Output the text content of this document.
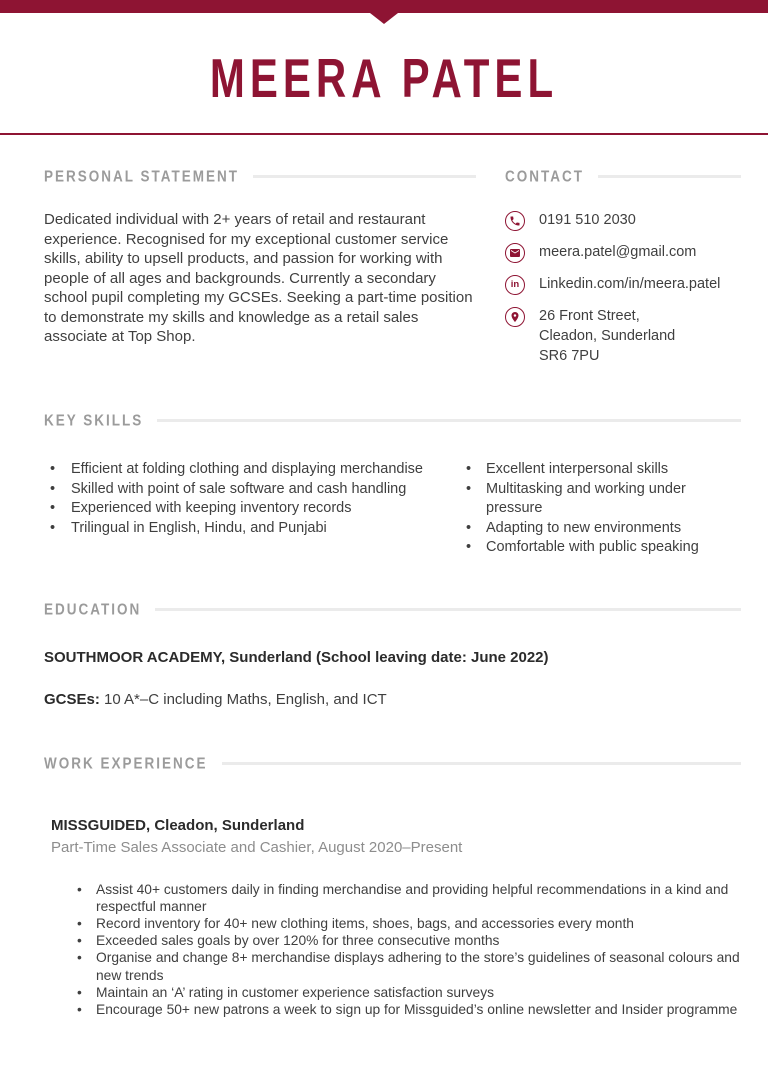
MEERA PATEL
PERSONAL STATEMENT

Dedicated individual with 2+ years of retail and restaurant experience. Recognised for my exceptional customer service skills, ability to upsell products, and passion for working with people of all ages and backgrounds. Currently a secondary school pupil completing my GCSEs. Seeking a part-time position to demonstrate my skills and knowledge as a retail sales associate at Top Shop.

CONTACT
0191 510 2030
meera.patel@gmail.com
in Linkedin.com/in/meera.patel
26 Front Street,
Cleadon, Sunderland
SR6 7PU
KEY SKILLS
• Efficient at folding clothing and displaying merchandise
• Skilled with point of sale software and cash handling
• Experienced with keeping inventory records
• Trilingual in English, Hindu, and Punjabi
• Excellent interpersonal skills
• Multitasking and working under pressure
• Adapting to new environments
• Comfortable with public speaking
EDUCATION
SOUTHMOOR ACADEMY, Sunderland (School leaving date: June 2022)
GCSEs: 10 A*–C including Maths, English, and ICT
WORK EXPERIENCE
MISSGUIDED, Cleadon, Sunderland
Part-Time Sales Associate and Cashier, August 2020–Present
• Assist 40+ customers daily in finding merchandise and providing helpful recommendations in a kind and respectful manner
• Record inventory for 40+ new clothing items, shoes, bags, and accessories every month
• Exceeded sales goals by over 120% for three consecutive months
• Organise and change 8+ merchandise displays adhering to the store’s guidelines of seasonal colours and new trends
• Maintain an ‘A’ rating in customer experience satisfaction surveys
• Encourage 50+ new patrons a week to sign up for Missguided’s online newsletter and Insider programme
